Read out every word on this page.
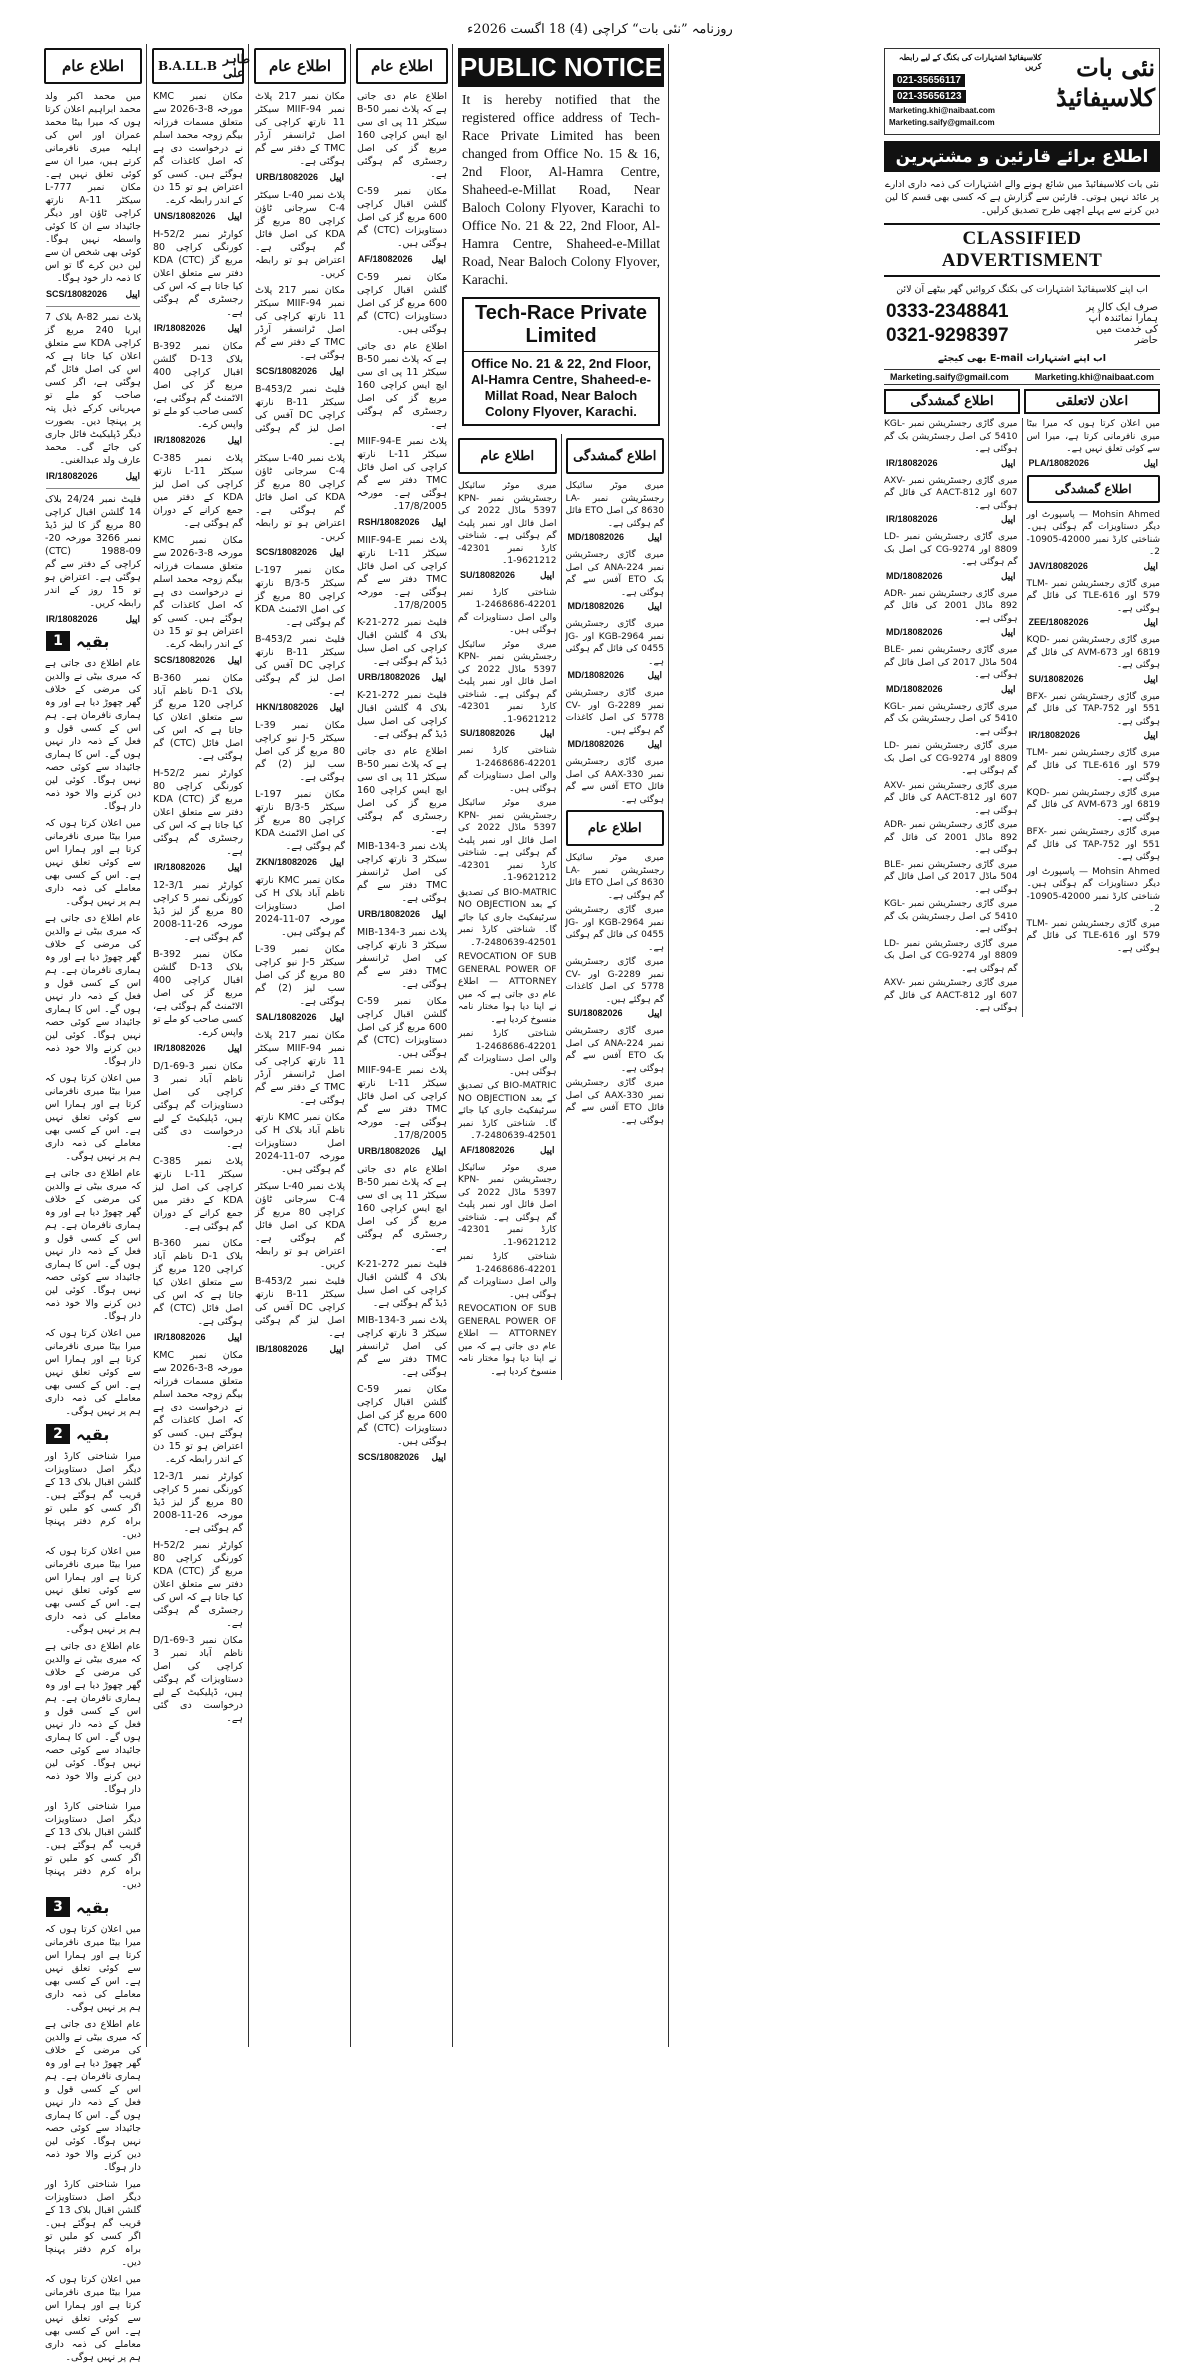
روزنامہ ”نئی بات“ کراچی (4) 18 اگست 2026ء
اطلاع عام

میں محمد اکبر ولد محمد ابراہیم اعلان کرتا ہوں کہ میرا بیٹا محمد عمران اور اس کی اہلیہ میری نافرمانی کرتے ہیں، میرا ان سے کوئی تعلق نہیں ہے۔ مکان نمبر L-777 سیکٹر 11-A نارتھ کراچی ٹاؤن اور دیگر جائیداد سے ان کا کوئی واسطہ نہیں ہوگا۔ کوئی بھی شخص ان سے لین دین کرے گا تو اس کا ذمہ دار خود ہوگا۔

SCS/18082026 اپیل

پلاٹ نمبر A-82 بلاک 7 ایریا 240 مربع گز کراچی KDA سے متعلق اعلان کیا جاتا ہے کہ اس کی اصل فائل گم ہوگئی ہے، اگر کسی صاحب کو ملے تو مہربانی کرکے ذیل پتہ پر پہنچا دیں۔ بصورت دیگر ڈپلیکیٹ فائل جاری کی جائے گی۔ محمد عارف ولد عبدالغنی۔

IR/18082026	اپیل

فلیٹ نمبر 24/24 بلاک 14 گلشن اقبال کراچی 80 مربع گز کا لیز ڈیڈ نمبر 3266 مورخہ 20-09-1988 (CTC) کراچی کے دفتر سے گم ہوگئی ہے۔ اعتراض ہو تو 15 روز کے اندر رابطہ کریں۔

IR/18082026	اپیل
1 بقیہ

عام اطلاع دی جاتی ہے کہ میری بیٹی نے والدین کی مرضی کے خلاف گھر چھوڑ دیا ہے اور وہ ہماری نافرمان ہے۔ ہم اس کے کسی قول و فعل کے ذمہ دار نہیں ہوں گے۔ اس کا ہماری جائیداد سے کوئی حصہ نہیں ہوگا۔ کوئی لین دین کرنے والا خود ذمہ دار ہوگا۔

میں اعلان کرتا ہوں کہ میرا بیٹا میری نافرمانی کرتا ہے اور ہمارا اس سے کوئی تعلق نہیں ہے۔ اس کے کسی بھی معاملے کی ذمہ داری ہم پر نہیں ہوگی۔

عام اطلاع دی جاتی ہے کہ میری بیٹی نے والدین کی مرضی کے خلاف گھر چھوڑ دیا ہے اور وہ ہماری نافرمان ہے۔ ہم اس کے کسی قول و فعل کے ذمہ دار نہیں ہوں گے۔ اس کا ہماری جائیداد سے کوئی حصہ نہیں ہوگا۔ کوئی لین دین کرنے والا خود ذمہ دار ہوگا۔

میں اعلان کرتا ہوں کہ میرا بیٹا میری نافرمانی کرتا ہے اور ہمارا اس سے کوئی تعلق نہیں ہے۔ اس کے کسی بھی معاملے کی ذمہ داری ہم پر نہیں ہوگی۔

عام اطلاع دی جاتی ہے کہ میری بیٹی نے والدین کی مرضی کے خلاف گھر چھوڑ دیا ہے اور وہ ہماری نافرمان ہے۔ ہم اس کے کسی قول و فعل کے ذمہ دار نہیں ہوں گے۔ اس کا ہماری جائیداد سے کوئی حصہ نہیں ہوگا۔ کوئی لین دین کرنے والا خود ذمہ دار ہوگا۔

میں اعلان کرتا ہوں کہ میرا بیٹا میری نافرمانی کرتا ہے اور ہمارا اس سے کوئی تعلق نہیں ہے۔ اس کے کسی بھی معاملے کی ذمہ داری ہم پر نہیں ہوگی۔

2 بقیہ

میرا شناختی کارڈ اور دیگر اصل دستاویزات گلشن اقبال بلاک 13 کے قریب گم ہوگئے ہیں۔ اگر کسی کو ملیں تو براہ کرم دفتر پہنچا دیں۔

میں اعلان کرتا ہوں کہ میرا بیٹا میری نافرمانی کرتا ہے اور ہمارا اس سے کوئی تعلق نہیں ہے۔ اس کے کسی بھی معاملے کی ذمہ داری ہم پر نہیں ہوگی۔

عام اطلاع دی جاتی ہے کہ میری بیٹی نے والدین کی مرضی کے خلاف گھر چھوڑ دیا ہے اور وہ ہماری نافرمان ہے۔ ہم اس کے کسی قول و فعل کے ذمہ دار نہیں ہوں گے۔ اس کا ہماری جائیداد سے کوئی حصہ نہیں ہوگا۔ کوئی لین دین کرنے والا خود ذمہ دار ہوگا۔

میرا شناختی کارڈ اور دیگر اصل دستاویزات گلشن اقبال بلاک 13 کے قریب گم ہوگئے ہیں۔ اگر کسی کو ملیں تو براہ کرم دفتر پہنچا دیں۔

3 بقیہ

میں اعلان کرتا ہوں کہ میرا بیٹا میری نافرمانی کرتا ہے اور ہمارا اس سے کوئی تعلق نہیں ہے۔ اس کے کسی بھی معاملے کی ذمہ داری ہم پر نہیں ہوگی۔

عام اطلاع دی جاتی ہے کہ میری بیٹی نے والدین کی مرضی کے خلاف گھر چھوڑ دیا ہے اور وہ ہماری نافرمان ہے۔ ہم اس کے کسی قول و فعل کے ذمہ دار نہیں ہوں گے۔ اس کا ہماری جائیداد سے کوئی حصہ نہیں ہوگا۔ کوئی لین دین کرنے والا خود ذمہ دار ہوگا۔

میرا شناختی کارڈ اور دیگر اصل دستاویزات گلشن اقبال بلاک 13 کے قریب گم ہوگئے ہیں۔ اگر کسی کو ملیں تو براہ کرم دفتر پہنچا دیں۔

میں اعلان کرتا ہوں کہ میرا بیٹا میری نافرمانی کرتا ہے اور ہمارا اس سے کوئی تعلق نہیں ہے۔ اس کے کسی بھی معاملے کی ذمہ داری ہم پر نہیں ہوگی۔

B.A.LL.B طاہر علی

مکان نمبر KMC مورخہ 8-3-2026 سے متعلق مسمات فرزانہ بیگم زوجہ محمد اسلم نے درخواست دی ہے کہ اصل کاغذات گم ہوگئے ہیں۔ کسی کو اعتراض ہو تو 15 دن کے اندر رابطہ کرے۔

UNS/18082026 اپیل

کوارٹر نمبر H-52/2 کورنگی کراچی 80 مربع گز KDA (CTC) دفتر سے متعلق اعلان کیا جاتا ہے کہ اس کی رجسٹری گم ہوگئی ہے۔

IR/18082026 اپیل

مکان نمبر B-392 بلاک 13-D گلشن اقبال کراچی 400 مربع گز کی اصل الاٹمنٹ گم ہوگئی ہے، کسی صاحب کو ملے تو واپس کرے۔

IR/18082026 اپیل

پلاٹ نمبر C-385 سیکٹر 11-L نارتھ کراچی کی اصل لیز KDA کے دفتر میں جمع کرانے کے دوران گم ہوگئی ہے۔

مکان نمبر KMC مورخہ 8-3-2026 سے متعلق مسمات فرزانہ بیگم زوجہ محمد اسلم نے درخواست دی ہے کہ اصل کاغذات گم ہوگئے ہیں۔ کسی کو اعتراض ہو تو 15 دن کے اندر رابطہ کرے۔

SCS/18082026 اپیل

مکان نمبر B-360 بلاک 1-D ناظم آباد کراچی 120 مربع گز سے متعلق اعلان کیا جاتا ہے کہ اس کی اصل فائل (CTC) گم ہوگئی ہے۔

کوارٹر نمبر H-52/2 کورنگی کراچی 80 مربع گز KDA (CTC) دفتر سے متعلق اعلان کیا جاتا ہے کہ اس کی رجسٹری گم ہوگئی ہے۔

IR/18082026 اپیل

کوارٹر نمبر 3/1-12 کورنگی نمبر 5 کراچی 80 مربع گز لیز ڈیڈ مورخہ 26-11-2008 گم ہوگئی ہے۔

مکان نمبر B-392 بلاک 13-D گلشن اقبال کراچی 400 مربع گز کی اصل الاٹمنٹ گم ہوگئی ہے، کسی صاحب کو ملے تو واپس کرے۔

IR/18082026 اپیل

مکان نمبر 3-D/1-69 ناظم آباد نمبر 3 کراچی کی اصل دستاویزات گم ہوگئی ہیں، ڈپلیکیٹ کے لیے درخواست دی گئی ہے۔

پلاٹ نمبر C-385 سیکٹر 11-L نارتھ کراچی کی اصل لیز KDA کے دفتر میں جمع کرانے کے دوران گم ہوگئی ہے۔

مکان نمبر B-360 بلاک 1-D ناظم آباد کراچی 120 مربع گز سے متعلق اعلان کیا جاتا ہے کہ اس کی اصل فائل (CTC) گم ہوگئی ہے۔

IR/18082026 اپیل

مکان نمبر KMC مورخہ 8-3-2026 سے متعلق مسمات فرزانہ بیگم زوجہ محمد اسلم نے درخواست دی ہے کہ اصل کاغذات گم ہوگئے ہیں۔ کسی کو اعتراض ہو تو 15 دن کے اندر رابطہ کرے۔

کوارٹر نمبر 3/1-12 کورنگی نمبر 5 کراچی 80 مربع گز لیز ڈیڈ مورخہ 26-11-2008 گم ہوگئی ہے۔

کوارٹر نمبر H-52/2 کورنگی کراچی 80 مربع گز KDA (CTC) دفتر سے متعلق اعلان کیا جاتا ہے کہ اس کی رجسٹری گم ہوگئی ہے۔

مکان نمبر 3-D/1-69 ناظم آباد نمبر 3 کراچی کی اصل دستاویزات گم ہوگئی ہیں، ڈپلیکیٹ کے لیے درخواست دی گئی ہے۔

اطلاع عام

مکان نمبر 217 پلاٹ نمبر MIIF-94 سیکٹر 11 نارتھ کراچی کی اصل ٹرانسفر آرڈر TMC کے دفتر سے گم ہوگئی ہے۔

URB/18082026 اپیل

پلاٹ نمبر L-40 سیکٹر C-4 سرجانی ٹاؤن کراچی 80 مربع گز KDA کی اصل فائل گم ہوگئی ہے۔ اعتراض ہو تو رابطہ کریں۔

مکان نمبر 217 پلاٹ نمبر MIIF-94 سیکٹر 11 نارتھ کراچی کی اصل ٹرانسفر آرڈر TMC کے دفتر سے گم ہوگئی ہے۔

SCS/18082026 اپیل

فلیٹ نمبر B-453/2 سیکٹر 11-B نارتھ کراچی DC آفس کی اصل لیز گم ہوگئی ہے۔

پلاٹ نمبر L-40 سیکٹر C-4 سرجانی ٹاؤن کراچی 80 مربع گز KDA کی اصل فائل گم ہوگئی ہے۔ اعتراض ہو تو رابطہ کریں۔

SCS/18082026 اپیل

مکان نمبر L-197 سیکٹر 5-B/3 نارتھ کراچی 80 مربع گز کی اصل الاٹمنٹ KDA گم ہوگئی ہے۔

فلیٹ نمبر B-453/2 سیکٹر 11-B نارتھ کراچی DC آفس کی اصل لیز گم ہوگئی ہے۔

HKN/18082026 اپیل

مکان نمبر L-39 سیکٹر 5-J نیو کراچی 80 مربع گز کی اصل سب لیز (2) گم ہوگئی ہے۔

مکان نمبر L-197 سیکٹر 5-B/3 نارتھ کراچی 80 مربع گز کی اصل الاٹمنٹ KDA گم ہوگئی ہے۔

ZKN/18082026 اپیل

مکان نمبر KMC نارتھ ناظم آباد بلاک H کی اصل دستاویزات مورخہ 07-11-2024 گم ہوگئی ہیں۔

مکان نمبر L-39 سیکٹر 5-J نیو کراچی 80 مربع گز کی اصل سب لیز (2) گم ہوگئی ہے۔

SAL/18082026 اپیل

مکان نمبر 217 پلاٹ نمبر MIIF-94 سیکٹر 11 نارتھ کراچی کی اصل ٹرانسفر آرڈر TMC کے دفتر سے گم ہوگئی ہے۔

مکان نمبر KMC نارتھ ناظم آباد بلاک H کی اصل دستاویزات مورخہ 07-11-2024 گم ہوگئی ہیں۔

پلاٹ نمبر L-40 سیکٹر C-4 سرجانی ٹاؤن کراچی 80 مربع گز KDA کی اصل فائل گم ہوگئی ہے۔ اعتراض ہو تو رابطہ کریں۔

فلیٹ نمبر B-453/2 سیکٹر 11-B نارتھ کراچی DC آفس کی اصل لیز گم ہوگئی ہے۔

IB/18082026 اپیل
اطلاع عام

اطلاع عام دی جاتی ہے کہ پلاٹ نمبر 50-B سیکٹر 11 پی ای سی ایچ ایس کراچی 160 مربع گز کی اصل رجسٹری گم ہوگئی ہے۔

مکان نمبر C-59 گلشن اقبال کراچی 600 مربع گز کی اصل دستاویزات (CTC) گم ہوگئی ہیں۔

AF/18082026 اپیل

مکان نمبر C-59 گلشن اقبال کراچی 600 مربع گز کی اصل دستاویزات (CTC) گم ہوگئی ہیں۔

اطلاع عام دی جاتی ہے کہ پلاٹ نمبر 50-B سیکٹر 11 پی ای سی ایچ ایس کراچی 160 مربع گز کی اصل رجسٹری گم ہوگئی ہے۔

پلاٹ نمبر MIIF-94-E سیکٹر 11-L نارتھ کراچی کی اصل فائل TMC دفتر سے گم ہوگئی ہے۔ مورخہ 17/8/2005۔

RSH/18082026 اپیل

پلاٹ نمبر MIIF-94-E سیکٹر 11-L نارتھ کراچی کی اصل فائل TMC دفتر سے گم ہوگئی ہے۔ مورخہ 17/8/2005۔

فلیٹ نمبر 272-K-21 بلاک 4 گلشن اقبال کراچی کی اصل سیل ڈیڈ گم ہوگئی ہے۔

URB/18082026 اپیل

فلیٹ نمبر 272-K-21 بلاک 4 گلشن اقبال کراچی کی اصل سیل ڈیڈ گم ہوگئی ہے۔

اطلاع عام دی جاتی ہے کہ پلاٹ نمبر 50-B سیکٹر 11 پی ای سی ایچ ایس کراچی 160 مربع گز کی اصل رجسٹری گم ہوگئی ہے۔

پلاٹ نمبر MIB-134-3 سیکٹر 3 نارتھ کراچی کی اصل ٹرانسفر TMC دفتر سے گم ہوگئی ہے۔

URB/18082026 اپیل

پلاٹ نمبر MIB-134-3 سیکٹر 3 نارتھ کراچی کی اصل ٹرانسفر TMC دفتر سے گم ہوگئی ہے۔

مکان نمبر C-59 گلشن اقبال کراچی 600 مربع گز کی اصل دستاویزات (CTC) گم ہوگئی ہیں۔

پلاٹ نمبر MIIF-94-E سیکٹر 11-L نارتھ کراچی کی اصل فائل TMC دفتر سے گم ہوگئی ہے۔ مورخہ 17/8/2005۔

URB/18082026 اپیل

اطلاع عام دی جاتی ہے کہ پلاٹ نمبر 50-B سیکٹر 11 پی ای سی ایچ ایس کراچی 160 مربع گز کی اصل رجسٹری گم ہوگئی ہے۔

فلیٹ نمبر 272-K-21 بلاک 4 گلشن اقبال کراچی کی اصل سیل ڈیڈ گم ہوگئی ہے۔

پلاٹ نمبر MIB-134-3 سیکٹر 3 نارتھ کراچی کی اصل ٹرانسفر TMC دفتر سے گم ہوگئی ہے۔

مکان نمبر C-59 گلشن اقبال کراچی 600 مربع گز کی اصل دستاویزات (CTC) گم ہوگئی ہیں۔

SCS/18082026 اپیل
PUBLIC NOTICE
It is hereby notified that the registered office address of Tech-Race Private Limited has been changed from Office No. 15 & 16, 2nd Floor, Al-Hamra Centre, Shaheed-e-Millat Road, Near Baloch Colony Flyover, Karachi to Office No. 21 & 22, 2nd Floor, Al-Hamra Centre, Shaheed-e-Millat Road, Near Baloch Colony Flyover, Karachi.
Tech-Race Private Limited
Office No. 21 & 22, 2nd Floor, Al-Hamra Centre, Shaheed-e-Millat Road, Near Baloch Colony Flyover, Karachi.
اطلاع عام
میری موٹر سائیکل رجسٹریشن نمبر KPN-5397 ماڈل 2022 کی اصل فائل اور نمبر پلیٹ گم ہوگئی ہے۔ شناختی کارڈ نمبر 42301-9621212-1۔
SU/18082026	اپیل
شناختی کارڈ نمبر 42201-2468686-1 والی اصل دستاویزات گم ہوگئی ہیں۔
میری موٹر سائیکل رجسٹریشن نمبر KPN-5397 ماڈل 2022 کی اصل فائل اور نمبر پلیٹ گم ہوگئی ہے۔ شناختی کارڈ نمبر 42301-9621212-1۔
SU/18082026	اپیل
شناختی کارڈ نمبر 42201-2468686-1 والی اصل دستاویزات گم ہوگئی ہیں۔
میری موٹر سائیکل رجسٹریشن نمبر KPN-5397 ماڈل 2022 کی اصل فائل اور نمبر پلیٹ گم ہوگئی ہے۔ شناختی کارڈ نمبر 42301-9621212-1۔
BIO-MATRIC کی تصدیق کے بعد NO OBJECTION سرٹیفکیٹ جاری کیا جائے گا۔ شناختی کارڈ نمبر 42501-2480639-7۔
REVOCATION OF SUB GENERAL POWER OF ATTORNEY — اطلاع عام دی جاتی ہے کہ میں نے اپنا دیا ہوا مختار نامہ منسوخ کردیا ہے۔
شناختی کارڈ نمبر 42201-2468686-1 والی اصل دستاویزات گم ہوگئی ہیں۔
BIO-MATRIC کی تصدیق کے بعد NO OBJECTION سرٹیفکیٹ جاری کیا جائے گا۔ شناختی کارڈ نمبر 42501-2480639-7۔
AF/18082026	اپیل
میری موٹر سائیکل رجسٹریشن نمبر KPN-5397 ماڈل 2022 کی اصل فائل اور نمبر پلیٹ گم ہوگئی ہے۔ شناختی کارڈ نمبر 42301-9621212-1۔
شناختی کارڈ نمبر 42201-2468686-1 والی اصل دستاویزات گم ہوگئی ہیں۔
REVOCATION OF SUB GENERAL POWER OF ATTORNEY — اطلاع عام دی جاتی ہے کہ میں نے اپنا دیا ہوا مختار نامہ منسوخ کردیا ہے۔
اطلاع گمشدگی
میری موٹر سائیکل رجسٹریشن نمبر LA-8630 کی اصل ETO فائل گم ہوگئی ہے۔
MD/18082026	اپیل
میری گاڑی رجسٹریشن نمبر ANA-224 کی اصل بک ETO آفس سے گم ہوگئی ہے۔
MD/18082026	اپیل
میری گاڑی رجسٹریشن نمبر KGB-2964 اور JG-0455 کی فائل گم ہوگئی ہے۔
MD/18082026	اپیل
میری گاڑی رجسٹریشن نمبر G-2289 اور CV-5778 کی اصل کاغذات گم ہوگئے ہیں۔
MD/18082026	اپیل
میری گاڑی رجسٹریشن نمبر AAX-330 کی اصل فائل ETO آفس سے گم ہوگئی ہے۔
اطلاع عام
میری موٹر سائیکل رجسٹریشن نمبر LA-8630 کی اصل ETO فائل گم ہوگئی ہے۔
میری گاڑی رجسٹریشن نمبر KGB-2964 اور JG-0455 کی فائل گم ہوگئی ہے۔
میری گاڑی رجسٹریشن نمبر G-2289 اور CV-5778 کی اصل کاغذات گم ہوگئے ہیں۔
SU/18082026	اپیل
میری گاڑی رجسٹریشن نمبر ANA-224 کی اصل بک ETO آفس سے گم ہوگئی ہے۔
میری گاڑی رجسٹریشن نمبر AAX-330 کی اصل فائل ETO آفس سے گم ہوگئی ہے۔
کلاسیفائیڈ اشتہارات کی بکنگ کے لیے رابطہ کریں
021-35656117
021-35656123
Marketing.khi@naibaat.com
Marketing.saify@gmail.com
نئی بات کلاسیفائیڈ
اطلاع برائے قارئین و مشتہرین
نئی بات کلاسیفائیڈ میں شائع ہونے والے اشتہارات کی ذمہ داری ادارے پر عائد نہیں ہوتی۔ قارئین سے گزارش ہے کہ کسی بھی قسم کا لین دین کرنے سے پہلے اچھی طرح تصدیق کرلیں۔
CLASSIFIED ADVERTISMENT
اب اپنے کلاسیفائیڈ اشتہارات کی بکنگ کروائیں گھر بیٹھے آن لائن
0333-2348841
0321-9298397
صرف ایک کال پر ہمارا نمائندہ آپ کی خدمت میں حاضر
اب اپنے اشتہارات E-mail بھی کیجئے
Marketing.saify@gmail.com	Marketing.khi@naibaat.com
اطلاع گمشدگی	اعلان لاتعلقی
میری گاڑی رجسٹریشن نمبر KGL-5410 کی اصل رجسٹریشن بک گم ہوگئی ہے۔
IR/18082026	اپیل
میری گاڑی رجسٹریشن نمبر AXV-607 اور AACT-812 کی فائل گم ہوگئی ہے۔
IR/18082026	اپیل
میری گاڑی رجسٹریشن نمبر LD-8809 اور CG-9274 کی اصل بک گم ہوگئی ہے۔
MD/18082026	اپیل
میری گاڑی رجسٹریشن نمبر ADR-892 ماڈل 2001 کی فائل گم ہوگئی ہے۔
MD/18082026	اپیل
میری گاڑی رجسٹریشن نمبر BLE-504 ماڈل 2017 کی اصل فائل گم ہوگئی ہے۔
MD/18082026	اپیل
میری گاڑی رجسٹریشن نمبر KGL-5410 کی اصل رجسٹریشن بک گم ہوگئی ہے۔
میری گاڑی رجسٹریشن نمبر LD-8809 اور CG-9274 کی اصل بک گم ہوگئی ہے۔
میری گاڑی رجسٹریشن نمبر AXV-607 اور AACT-812 کی فائل گم ہوگئی ہے۔
میری گاڑی رجسٹریشن نمبر ADR-892 ماڈل 2001 کی فائل گم ہوگئی ہے۔
میری گاڑی رجسٹریشن نمبر BLE-504 ماڈل 2017 کی اصل فائل گم ہوگئی ہے۔
میری گاڑی رجسٹریشن نمبر KGL-5410 کی اصل رجسٹریشن بک گم ہوگئی ہے۔
میری گاڑی رجسٹریشن نمبر LD-8809 اور CG-9274 کی اصل بک گم ہوگئی ہے۔
میری گاڑی رجسٹریشن نمبر AXV-607 اور AACT-812 کی فائل گم ہوگئی ہے۔
میں اعلان کرتا ہوں کہ میرا بیٹا میری نافرمانی کرتا ہے، میرا اس سے کوئی تعلق نہیں ہے۔
PLA/18082026	اپیل
اطلاع گمشدگی
Mohsin Ahmed — پاسپورٹ اور دیگر دستاویزات گم ہوگئی ہیں۔ شناختی کارڈ نمبر 42000-10905-2۔
JAV/18082026	اپیل
میری گاڑی رجسٹریشن نمبر TLM-579 اور TLE-616 کی فائل گم ہوگئی ہے۔
ZEE/18082026	اپیل
میری گاڑی رجسٹریشن نمبر KQD-6819 اور AVM-673 کی فائل گم ہوگئی ہے۔
SU/18082026	اپیل
میری گاڑی رجسٹریشن نمبر BFX-551 اور TAP-752 کی فائل گم ہوگئی ہے۔
IR/18082026	اپیل
میری گاڑی رجسٹریشن نمبر TLM-579 اور TLE-616 کی فائل گم ہوگئی ہے۔
میری گاڑی رجسٹریشن نمبر KQD-6819 اور AVM-673 کی فائل گم ہوگئی ہے۔
میری گاڑی رجسٹریشن نمبر BFX-551 اور TAP-752 کی فائل گم ہوگئی ہے۔
Mohsin Ahmed — پاسپورٹ اور دیگر دستاویزات گم ہوگئی ہیں۔ شناختی کارڈ نمبر 42000-10905-2۔
میری گاڑی رجسٹریشن نمبر TLM-579 اور TLE-616 کی فائل گم ہوگئی ہے۔
